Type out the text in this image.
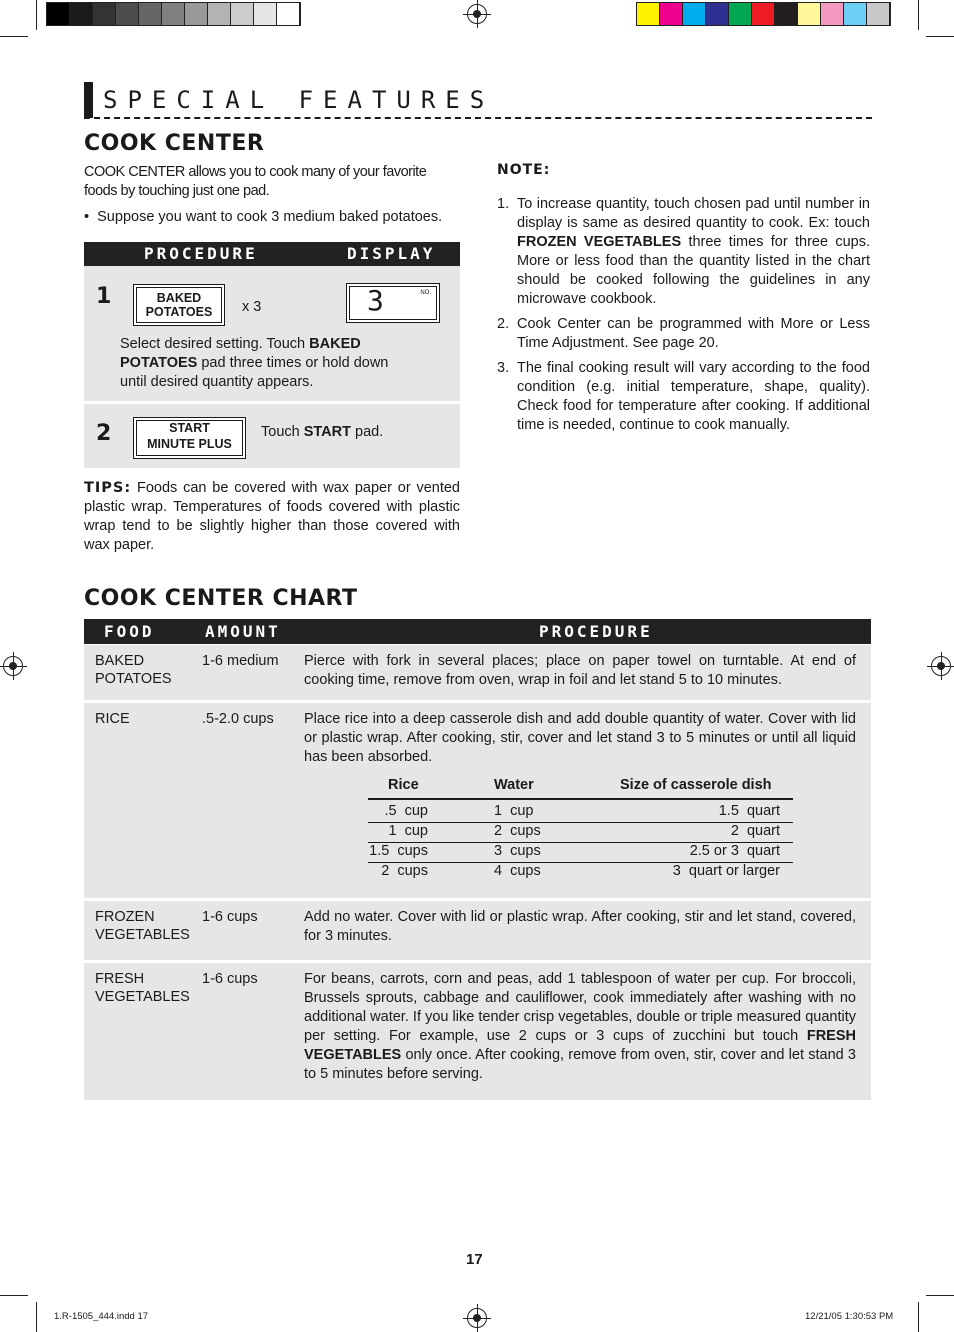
SPECIAL FEATURES
COOK CENTER
COOK CENTER allows you to cook many of your favorite foods by touching just one pad.
•  Suppose you want to cook 3 medium baked potatoes.
PROCEDURE	DISPLAY
1	BAKED
POTATOES	x 3	3	NO.
Select desired setting. Touch BAKED POTATOES pad three times or hold down until desired quantity appears.
2	START
MINUTE PLUS
Touch START pad.
TIPS: Foods can be covered with wax paper or vented plastic wrap. Temperatures of foods covered with plastic wrap tend to be slightly higher than those covered with wax paper.
NOTE:
1. To increase quantity, touch chosen pad until number in display is same as desired quantity to cook. Ex: touch FROZEN VEGETABLES three times for three cups. More or less food than the quantity listed in the chart should be cooked following the guidelines in any microwave cookbook.
2. Cook Center can be programmed with More or Less Time Adjustment. See page 20.
3. The final cooking result will vary according to the food condition (e.g. initial temperature, shape, quality). Check food for temperature after cooking. If additional time is needed, continue to cook manually.
COOK CENTER CHART
FOOD	AMOUNT	PROCEDURE
BAKED
POTATOES
1-6 medium Pierce with fork in several places; place on paper towel on turntable. At end of cooking time, remove from oven, wrap in foil and let stand 5 to 10 minutes.
RICE	.5-2.0 cups Place rice into a deep casserole dish and add double quantity of water. Cover with lid or plastic wrap. After cooking, stir, cover and let stand 3 to 5 minutes or until all liquid has been absorbed.
Rice	Water	Size of casserole dish
.5  cup	1  cup	1.5  quart
1  cup	2  cups	2  quart
1.5  cups	3  cups	2.5 or 3  quart
2  cups	4  cups	3  quart or larger
FROZEN
VEGETABLES
1-6 cups	Add no water. Cover with lid or plastic wrap. After cooking, stir and let stand, covered, for 3 minutes.
FRESH
VEGETABLES
1-6 cups	For beans, carrots, corn and peas, add 1 tablespoon of water per cup. For broccoli, Brussels sprouts, cabbage and cauliflower, cook immediately after washing with no additional water. If you like tender crisp vegetables, double or triple measured quantity per setting. For example, use 2 cups or 3 cups of zucchini but touch FRESH VEGETABLES only once. After cooking, remove from oven, stir, cover and let stand 3 to 5 minutes before serving.
17
1.R-1505_444.indd 17	12/21/05 1:30:53 PM
